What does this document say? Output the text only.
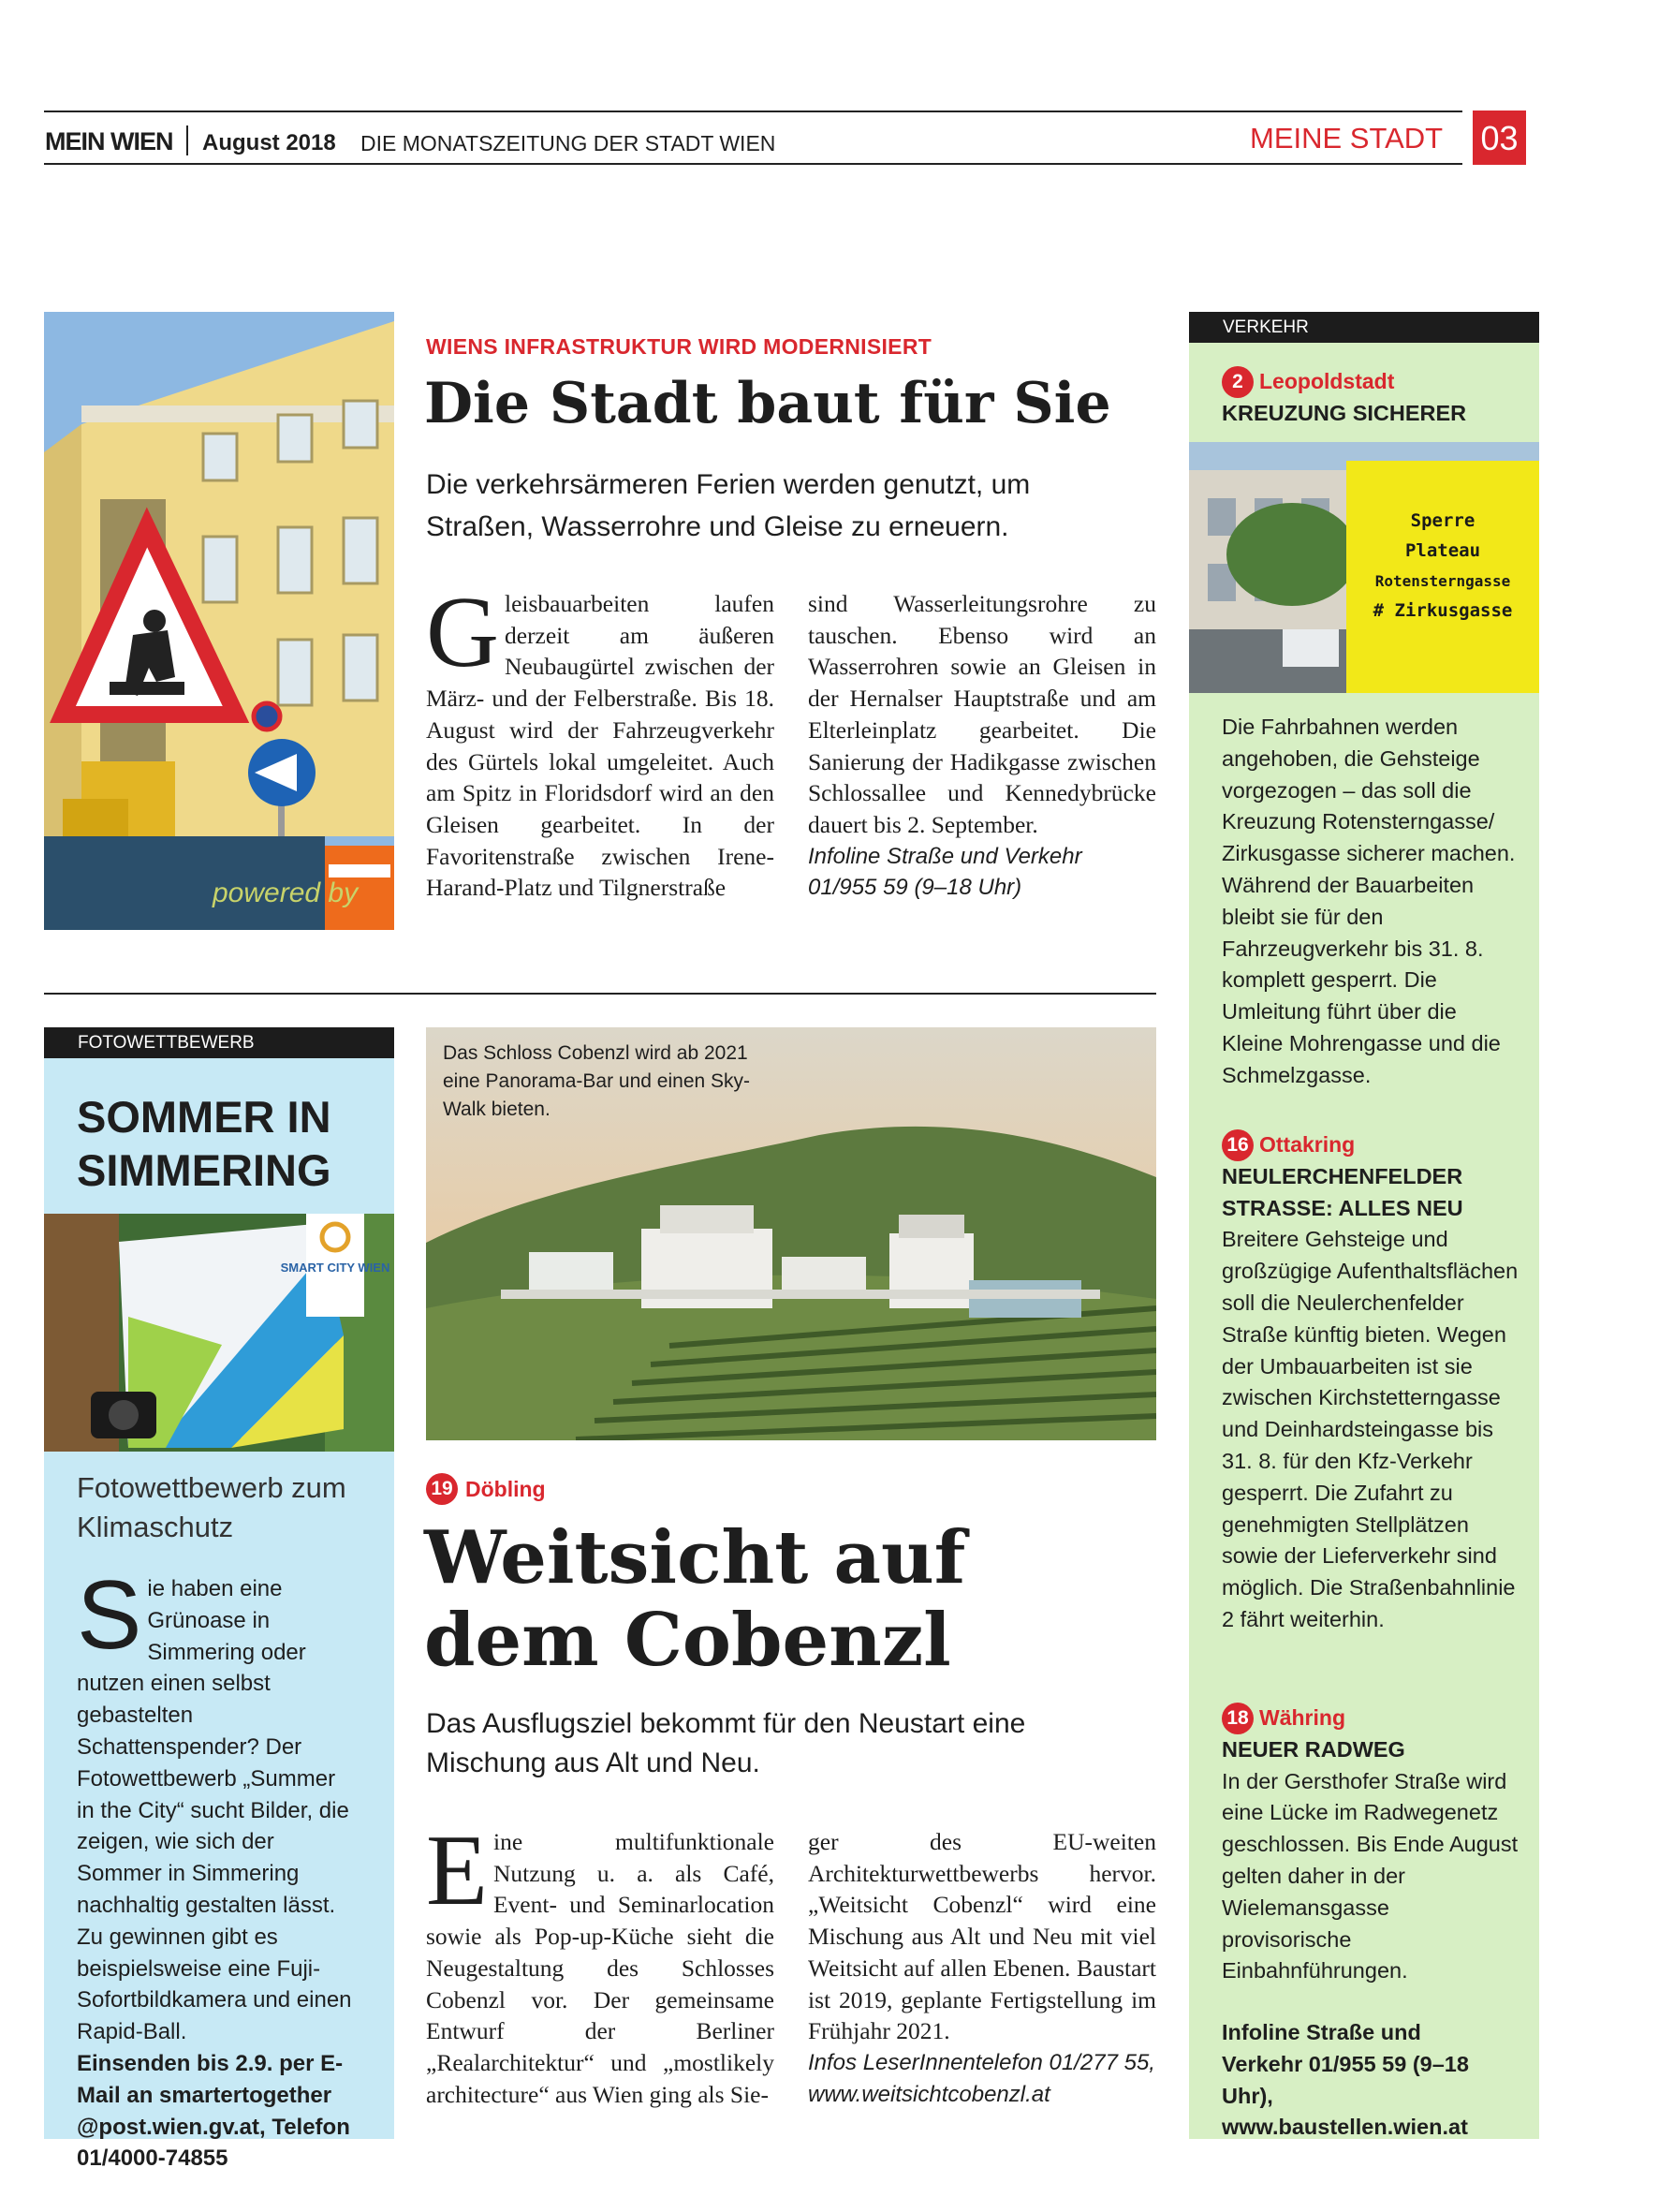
MEIN WIEN August 2018 DIE MONATSZEITUNG DER STADT WIEN	MEINE STADT 03
powered by
WIENS INFRASTRUKTUR WIRD MODERNISIERT
Die Stadt baut für Sie
Die verkehrsärmeren Ferien werden genutzt, um Straßen, Wasserrohre und Gleise zu erneuern.
Gleisbauarbeiten laufen derzeit am äußeren Neubaugürtel zwischen der März- und der Felberstraße. Bis 18. August wird der Fahrzeugverkehr des Gürtels lokal umgeleitet. Auch am Spitz in Floridsdorf wird an den Gleisen gearbeitet. In der Favoritenstraße zwischen Irene-Harand-Platz und Tilgnerstraße
sind Wasserleitungsrohre zu tauschen. Ebenso wird an Wasserrohren sowie an Gleisen in der Hernalser Hauptstraße und am Elterleinplatz gearbeitet. Die Sanierung der Hadikgasse zwischen Schlossallee und Kennedybrücke dauert bis 2. September.
Infoline Straße und Verkehr 01/955 59 (9–18 Uhr)
FOTOWETTBEWERB
SOMMER IN SIMMERING
SMART CITY WIEN
Fotowettbewerb zum Klimaschutz
Sie haben eine Grünoase in Simmering oder nutzen einen selbst gebastelten Schattenspender? Der Fotowettbewerb „Summer in the City“ sucht Bilder, die zeigen, wie sich der Sommer in Simmering nachhaltig gestalten lässt. Zu gewinnen gibt es beispielsweise eine Fuji-Sofortbildkamera und einen Rapid-Ball.
Einsenden bis 2.9. per E-Mail an smartertogether @post.wien.gv.at, Telefon 01/4000-74855
Das Schloss Cobenzl wird ab 2021 eine Panorama-Bar und einen Sky-Walk bieten.
19 Döbling
Weitsicht auf dem Cobenzl
Das Ausflugsziel bekommt für den Neustart eine Mischung aus Alt und Neu.
Eine multifunktionale Nutzung u. a. als Café, Event- und Seminarlocation sowie als Pop-up-Küche sieht die Neugestaltung des Schlosses Cobenzl vor. Der gemeinsame Entwurf der Berliner „Realarchitektur“ und „mostlikely architecture“ aus Wien ging als Sie-
ger des EU-weiten Architekturwettbewerbs hervor. „Weitsicht Cobenzl“ wird eine Mischung aus Alt und Neu mit viel Weitsicht auf allen Ebenen. Baustart ist 2019, geplante Fertigstellung im Frühjahr 2021.
Infos LeserInnentelefon 01/277 55, www.weitsichtcobenzl.at
VERKEHR
2 Leopoldstadt
KREUZUNG SICHERER
Sperre
Plateau
Rotensterngasse
# Zirkusgasse
Die Fahrbahnen werden angehoben, die Gehsteige vorgezogen – das soll die Kreuzung Rotensterngasse/ Zirkusgasse sicherer machen. Während der Bauarbeiten bleibt sie für den Fahrzeugverkehr bis 31. 8. komplett gesperrt. Die Umleitung führt über die Kleine Mohrengasse und die Schmelzgasse.
16 Ottakring
NEULERCHENFELDER STRASSE: ALLES NEU
Breitere Gehsteige und großzügige Aufenthaltsflächen soll die Neulerchenfelder Straße künftig bieten. Wegen der Umbauarbeiten ist sie zwischen Kirchstetterngasse und Deinhardsteingasse bis 31. 8. für den Kfz-Verkehr gesperrt. Die Zufahrt zu genehmigten Stellplätzen sowie der Lieferverkehr sind möglich. Die Straßenbahnlinie 2 fährt weiterhin.
18 Währing
NEUER RADWEG
In der Gersthofer Straße wird eine Lücke im Radwegenetz geschlossen. Bis Ende August gelten daher in der Wielemansgasse provisorische Einbahnführungen.
Infoline Straße und Verkehr 01/955 59 (9–18 Uhr), www.baustellen.wien.at
